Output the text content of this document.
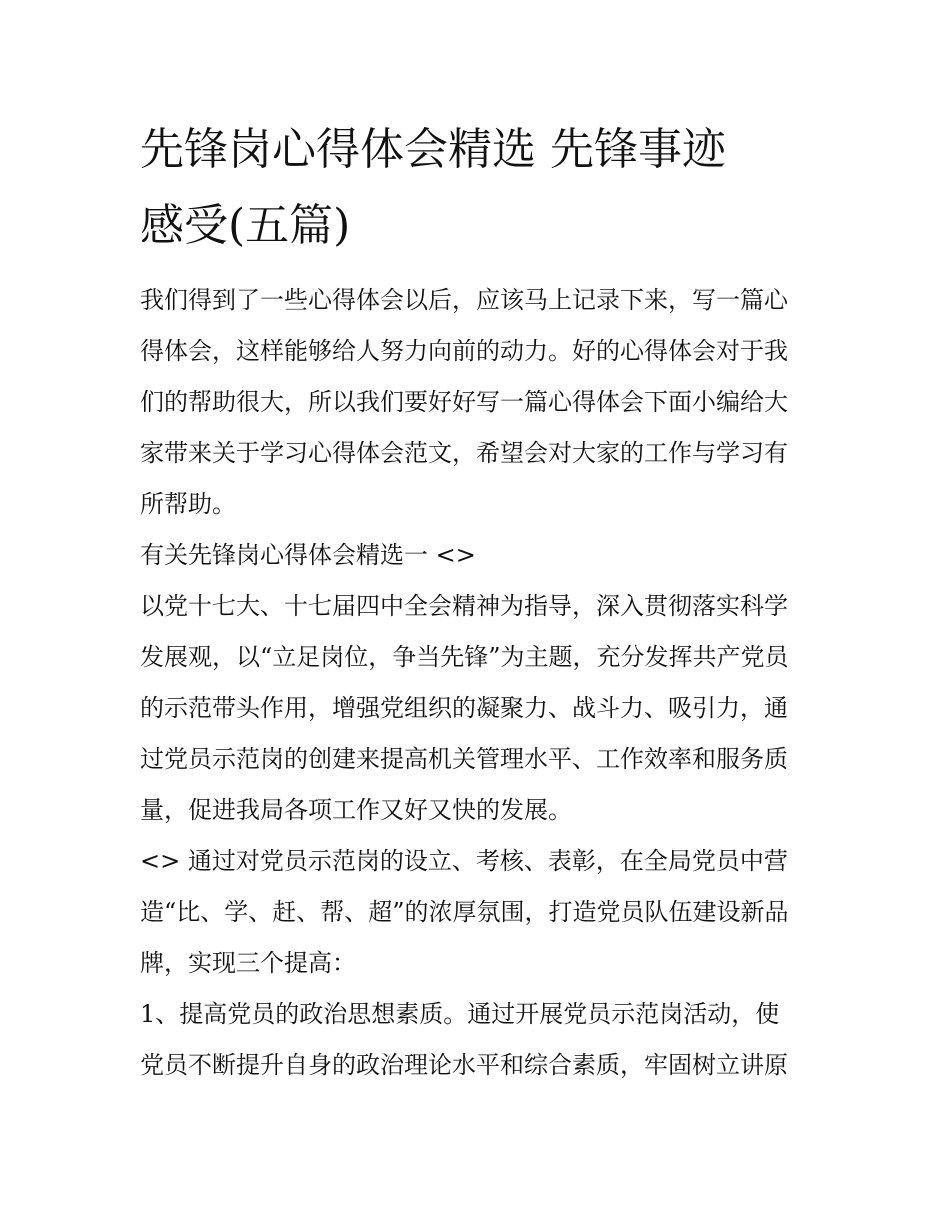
先锋岗心得体会精选 先锋事迹
感受(五篇)
我们得到了一些心得体会以后，应该马上记录下来，写一篇心
得体会，这样能够给人努力向前的动力。好的心得体会对于我
们的帮助很大，所以我们要好好写一篇心得体会下面小编给大
家带来关于学习心得体会范文，希望会对大家的工作与学习有
所帮助。
有关先锋岗心得体会精选一 <>
以党十七大、十七届四中全会精神为指导，深入贯彻落实科学
发展观，以“立足岗位，争当先锋”为主题，充分发挥共产党员
的示范带头作用，增强党组织的凝聚力、战斗力、吸引力，通
过党员示范岗的创建来提高机关管理水平、工作效率和服务质
量，促进我局各项工作又好又快的发展。
<> 通过对党员示范岗的设立、考核、表彰，在全局党员中营
造“比、学、赶、帮、超”的浓厚氛围，打造党员队伍建设新品
牌，实现三个提高：
1、提高党员的政治思想素质。通过开展党员示范岗活动，使
党员不断提升自身的政治理论水平和综合素质，牢固树立讲原
